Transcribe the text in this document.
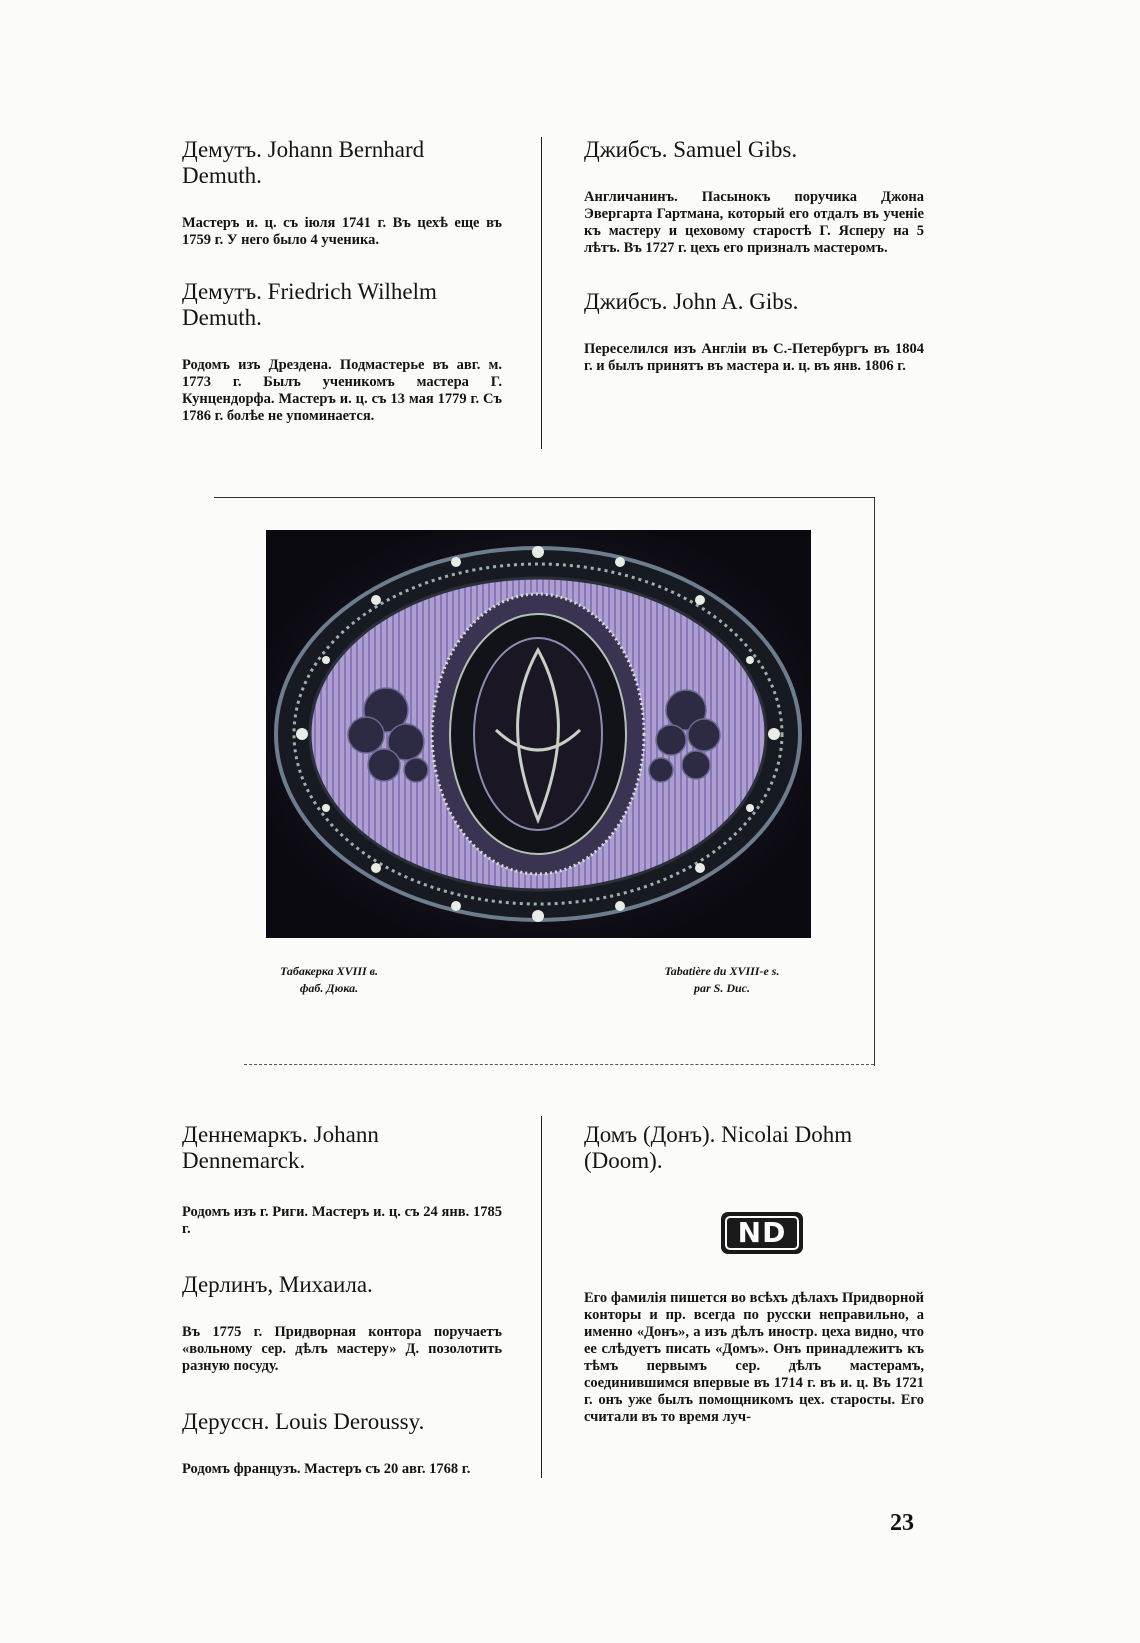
Демутъ. Johann Bernhard Demuth.

Мастеръ и. ц. съ іюля 1741 г. Въ цехѣ еще въ 1759 г. У него было 4 ученика.

Демутъ. Friedrich Wilhelm Demuth.

Родомъ изъ Дрездена. Подмастерье въ авг. м. 1773 г. Былъ ученикомъ мастера Г. Кунцендорфа. Мастеръ и. ц. съ 13 мая 1779 г. Съ 1786 г. болѣе не упоминается.

Джибсъ. Samuel Gibs.

Англичанинъ. Пасынокъ поручика Джона Эвергарта Гартмана, который его отдалъ въ ученіе къ мастеру и цеховому старостѣ Г. Ясперу на 5 лѣтъ. Въ 1727 г. цехъ его призналъ мастеромъ.

Джибсъ. John A. Gibs.

Переселился изъ Англіи въ С.-Петербургъ въ 1804 г. и былъ принятъ въ мастера и. ц. въ янв. 1806 г.

Табакерка XVIII в.
фаб. Дюка.
Tabatière du XVIII-e s.
par S. Duc.

Деннемаркъ. Johann Dennemarck.

Родомъ изъ г. Риги. Мастеръ и. ц. съ 24 янв. 1785 г.

Дерлинъ, Михаила.

Въ 1775 г. Придворная контора поручаетъ «вольному сер. дѣлъ мастеру» Д. позолотить разную посуду.

Деруссн. Louis Deroussy.

Родомъ французъ. Мастеръ съ 20 авг. 1768 г.

Домъ (Донъ). Nicolai Dohm (Doom).

ND

Его фамилія пишется во всѣхъ дѣлахъ Придворной конторы и пр. всегда по русски неправильно, а именно «Донъ», а изъ дѣлъ иностр. цеха видно, что ее слѣдуетъ писать «Домъ». Онъ принадлежитъ къ тѣмъ первымъ сер. дѣлъ мастерамъ, соединившимся впервые въ 1714 г. въ и. ц. Въ 1721 г. онъ уже былъ помощникомъ цех. старосты. Его считали въ то время луч-

23
